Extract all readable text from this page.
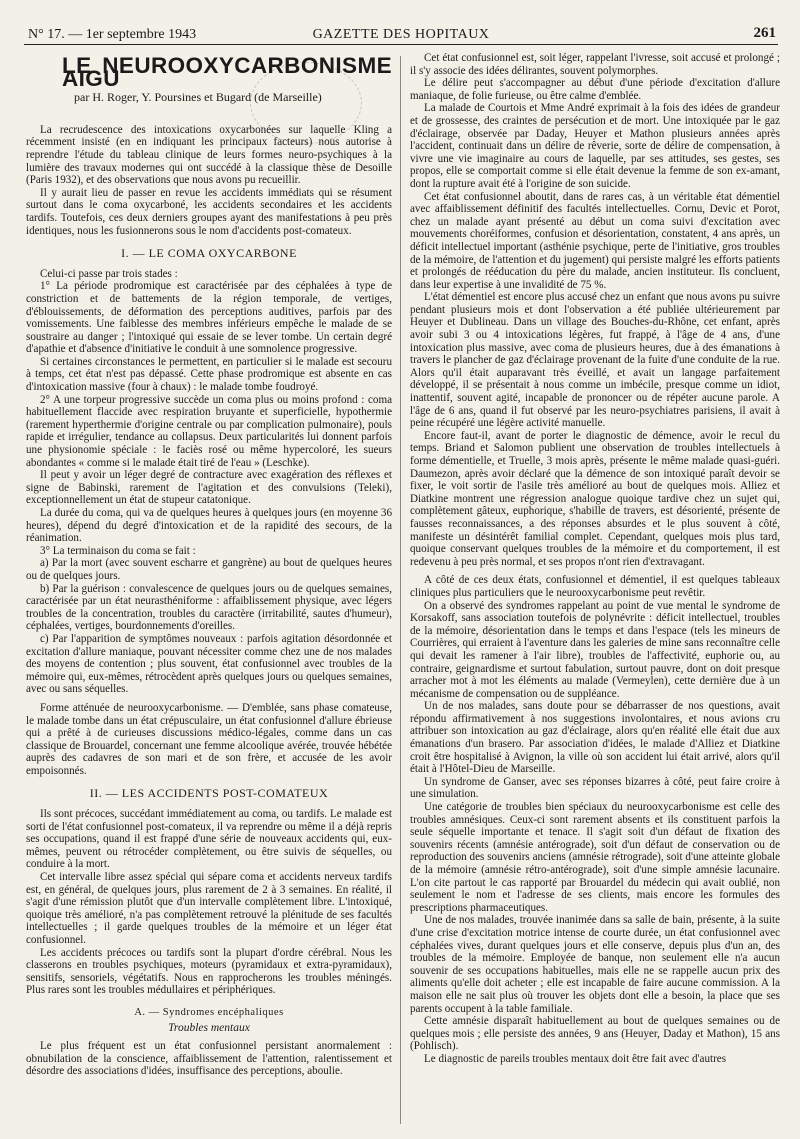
N° 17. — 1er septembre 1943	GAZETTE DES HOPITAUX	261
LE NEUROOXYCARBONISME AIGU
par H. Roger, Y. Poursines et Bugard (de Marseille)

La recrudescence des intoxications oxycarbonées sur laquelle Kling a récemment insisté (en en indiquant les principaux facteurs) nous autorise à reprendre l'étude du tableau clinique de leurs formes neuro-psychiques à la lumière des travaux modernes qui ont succédé à la classique thèse de Desoille (Paris 1932), et des observations que nous avons pu recueillir.

Il y aurait lieu de passer en revue les accidents immédiats qui se résument surtout dans le coma oxycarboné, les accidents secondaires et les accidents tardifs. Toutefois, ces deux derniers groupes ayant des manifestations à peu près identiques, nous les fusionnerons sous le nom d'accidents post-comateux.

I. — LE COMA OXYCARBONE

Celui-ci passe par trois stades :

1° La période prodromique est caractérisée par des céphalées à type de constriction et de battements de la région temporale, de vertiges, d'éblouissements, de déformation des perceptions auditives, parfois par des vomissements. Une faiblesse des membres inférieurs empêche le malade de se soustraire au danger ; l'intoxiqué qui essaie de se lever tombe. Un certain degré d'apathie et d'absence d'initiative le conduit à une somnolence progressive.

Si certaines circonstances le permettent, en particulier si le malade est secouru à temps, cet état n'est pas dépassé. Cette phase prodromique est absente en cas d'intoxication massive (four à chaux) : le malade tombe foudroyé.

2° A une torpeur progressive succède un coma plus ou moins profond : coma habituellement flaccide avec respiration bruyante et superficielle, hypothermie (rarement hyperthermie d'origine centrale ou par complication pulmonaire), pouls rapide et irrégulier, tendance au collapsus. Deux particularités lui donnent parfois une physionomie spéciale : le faciès rosé ou même hypercoloré, les sueurs abondantes « comme si le malade était tiré de l'eau » (Leschke).

Il peut y avoir un léger degré de contracture avec exagération des réflexes et signe de Babinski, rarement de l'agitation et des convulsions (Teleki), exceptionnellement un état de stupeur catatonique.

La durée du coma, qui va de quelques heures à quelques jours (en moyenne 36 heures), dépend du degré d'intoxication et de la rapidité des secours, de la réanimation.

3° La terminaison du coma se fait :

a) Par la mort (avec souvent escharre et gangrène) au bout de quelques heures ou de quelques jours.

b) Par la guérison : convalescence de quelques jours ou de quelques semaines, caractérisée par un état neurasthéniforme : affaiblissement physique, avec légers troubles de la concentration, troubles du caractère (irritabilité, sautes d'humeur), céphalées, vertiges, bourdonnements d'oreilles.

c) Par l'apparition de symptômes nouveaux : parfois agitation désordonnée et excitation d'allure maniaque, pouvant nécessiter comme chez une de nos malades des moyens de contention ; plus souvent, état confusionnel avec troubles de la mémoire qui, eux-mêmes, rétrocèdent après quelques jours ou quelques semaines, avec ou sans séquelles.

Forme atténuée de neurooxycarbonisme. — D'emblée, sans phase comateuse, le malade tombe dans un état crépusculaire, un état confusionnel d'allure ébrieuse qui a prêté à de curieuses discussions médico-légales, comme dans un cas classique de Brouardel, concernant une femme alcoolique avérée, trouvée hébétée auprès des cadavres de son mari et de son frère, et accusée de les avoir empoisonnés.

II. — LES ACCIDENTS POST-COMATEUX

Ils sont précoces, succédant immédiatement au coma, ou tardifs. Le malade est sorti de l'état confusionnel post-comateux, il va reprendre ou même il a déjà repris ses occupations, quand il est frappé d'une série de nouveaux accidents qui, eux-mêmes, peuvent ou rétrocéder complètement, ou être suivis de séquelles, ou conduire à la mort.

Cet intervalle libre assez spécial qui sépare coma et accidents nerveux tardifs est, en général, de quelques jours, plus rarement de 2 à 3 semaines. En réalité, il s'agit d'une rémission plutôt que d'un intervalle complètement libre. L'intoxiqué, quoique très amélioré, n'a pas complètement retrouvé la plénitude de ses facultés intellectuelles ; il garde quelques troubles de la mémoire et un léger état confusionnel.

Les accidents précoces ou tardifs sont la plupart d'ordre cérébral. Nous les classerons en troubles psychiques, moteurs (pyramidaux et extra-pyramidaux), sensitifs, sensoriels, végétatifs. Nous en rapprocherons les troubles méningés. Plus rares sont les troubles médullaires et périphériques.

A. — Syndromes encéphaliques
Troubles mentaux

Le plus fréquent est un état confusionnel persistant anormalement : obnubilation de la conscience, affaiblissement de l'attention, ralentissement et désordre des associations d'idées, insuffisance des perceptions, aboulie.

Cet état confusionnel est, soit léger, rappelant l'ivresse, soit accusé et prolongé ; il s'y associe des idées délirantes, souvent polymorphes.

Le délire peut s'accompagner au début d'une période d'excitation d'allure maniaque, de folie furieuse, ou être calme d'emblée.

La malade de Courtois et Mme André exprimait à la fois des idées de grandeur et de grossesse, des craintes de persécution et de mort. Une intoxiquée par le gaz d'éclairage, observée par Daday, Heuyer et Mathon plusieurs années après l'accident, continuait dans un délire de rêverie, sorte de délire de compensation, à vivre une vie imaginaire au cours de laquelle, par ses attitudes, ses gestes, ses propos, elle se comportait comme si elle était devenue la femme de son ex-amant, dont la rupture avait été à l'origine de son suicide.

Cet état confusionnel aboutit, dans de rares cas, à un véritable état démentiel avec affaiblissement définitif des facultés intellectuelles. Cornu, Devic et Porot, chez un malade ayant présenté au début un coma suivi d'excitation avec mouvements choréiformes, confusion et désorientation, constatent, 4 ans après, un déficit intellectuel important (asthénie psychique, perte de l'initiative, gros troubles de la mémoire, de l'attention et du jugement) qui persiste malgré les efforts patients et prolongés de rééducation du père du malade, ancien instituteur. Ils concluent, dans leur expertise à une invalidité de 75 %.

L'état démentiel est encore plus accusé chez un enfant que nous avons pu suivre pendant plusieurs mois et dont l'observation a été publiée ultérieurement par Heuyer et Dublineau. Dans un village des Bouches-du-Rhône, cet enfant, après avoir subi 3 ou 4 intoxications légères, fut frappé, à l'âge de 4 ans, d'une intoxication plus massive, avec coma de plusieurs heures, due à des émanations à travers le plancher de gaz d'éclairage provenant de la fuite d'une conduite de la rue. Alors qu'il était auparavant très éveillé, et avait un langage parfaitement développé, il se présentait à nous comme un imbécile, presque comme un idiot, inattentif, souvent agité, incapable de prononcer ou de répéter aucune parole. A l'âge de 6 ans, quand il fut observé par les neuro-psychiatres parisiens, il avait à peine récupéré une légère activité manuelle.

Encore faut-il, avant de porter le diagnostic de démence, avoir le recul du temps. Briand et Salomon publient une observation de troubles intellectuels à forme démentielle, et Truelle, 3 mois après, présente le même malade quasi-guéri. Daumezon, après avoir déclaré que la démence de son intoxiqué paraît devoir se fixer, le voit sortir de l'asile très amélioré au bout de quelques mois. Alliez et Diatkine montrent une régression analogue quoique tardive chez un sujet qui, complètement gâteux, euphorique, s'habille de travers, est désorienté, présente de fausses reconnaissances, a des réponses absurdes et le plus souvent à côté, manifeste un désintérêt familial complet. Cependant, quelques mois plus tard, quoique conservant quelques troubles de la mémoire et du comportement, il est redevenu à peu près normal, et ses propos n'ont rien d'extravagant.

A côté de ces deux états, confusionnel et démentiel, il est quelques tableaux cliniques plus particuliers que le neurooxycarbonisme peut revêtir.

On a observé des syndromes rappelant au point de vue mental le syndrome de Korsakoff, sans association toutefois de polynévrite : déficit intellectuel, troubles de la mémoire, désorientation dans le temps et dans l'espace (tels les mineurs de Courrières, qui erraient à l'aventure dans les galeries de mine sans reconnaître celle qui devait les ramener à l'air libre), troubles de l'affectivité, euphorie ou, au contraire, geignardisme et surtout fabulation, surtout pauvre, dont on doit presque arracher mot à mot les éléments au malade (Vermeylen), cette dernière due à un mécanisme de compensation ou de suppléance.

Un de nos malades, sans doute pour se débarrasser de nos questions, avait répondu affirmativement à nos suggestions involontaires, et nous avions cru attribuer son intoxication au gaz d'éclairage, alors qu'en réalité elle était due aux émanations d'un brasero. Par association d'idées, le malade d'Alliez et Diatkine croit être hospitalisé à Avignon, la ville où son accident lui était arrivé, alors qu'il était à l'Hôtel-Dieu de Marseille.

Un syndrome de Ganser, avec ses réponses bizarres à côté, peut faire croire à une simulation.

Une catégorie de troubles bien spéciaux du neurooxycarbonisme est celle des troubles amnésiques. Ceux-ci sont rarement absents et ils constituent parfois la seule séquelle importante et tenace. Il s'agit soit d'un défaut de fixation des souvenirs récents (amnésie antérograde), soit d'un défaut de conservation ou de reproduction des souvenirs anciens (amnésie rétrograde), soit d'une atteinte globale de la mémoire (amnésie rétro-antérograde), soit d'une simple amnésie lacunaire. L'on cite partout le cas rapporté par Brouardel du médecin qui avait oublié, non seulement le nom et l'adresse de ses clients, mais encore les formules des prescriptions pharmaceutiques.

Une de nos malades, trouvée inanimée dans sa salle de bain, présente, à la suite d'une crise d'excitation motrice intense de courte durée, un état confusionnel avec céphalées vives, durant quelques jours et elle conserve, depuis plus d'un an, des troubles de la mémoire. Employée de banque, non seulement elle n'a aucun souvenir de ses occupations habituelles, mais elle ne se rappelle aucun prix des aliments qu'elle doit acheter ; elle est incapable de faire aucune commission. A la maison elle ne sait plus où trouver les objets dont elle a besoin, la place que ses parents occupent à la table familiale.

Cette amnésie disparaît habituellement au bout de quelques semaines ou de quelques mois ; elle persiste des années, 9 ans (Heuyer, Daday et Mathon), 15 ans (Pohlisch).

Le diagnostic de pareils troubles mentaux doit être fait avec d'autres
